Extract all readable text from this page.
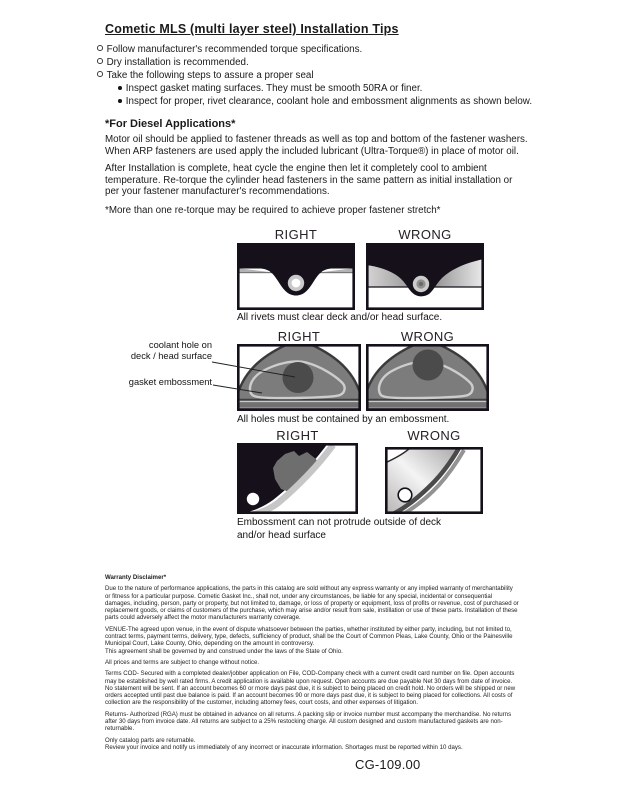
Cometic MLS (multi layer steel) Installation Tips
Follow manufacturer's recommended torque specifications.
Dry installation is recommended.
Take the following steps to assure a proper seal
Inspect gasket mating surfaces. They must be smooth 50RA or finer.
Inspect for proper, rivet clearance, coolant hole and embossment alignments as shown below.
*For Diesel Applications*
Motor oil should be applied to fastener threads as well as top and bottom of the fastener washers. When ARP fasteners are used apply the included lubricant (Ultra-Torque®) in place of motor oil.
After Installation is complete, heat cycle the engine then let it completely cool to ambient temperature. Re-torque the cylinder head fasteners in the same pattern as initial installation or per your fastener manufacturer's recommendations.
*More than one re-torque may be required to achieve proper fastener stretch*
RIGHT	WRONG
All rivets must clear deck and/or head surface.
coolant hole on
deck / head surface
gasket embossment
RIGHT	WRONG
All holes must be contained by an embossment.
RIGHT	WRONG
Embossment can not protrude outside of deck and/or head surface
Warranty Disclaimer*

Due to the nature of performance applications, the parts in this catalog are sold without any express warranty or any implied warranty of merchantability or fitness for a particular purpose. Cometic Gasket Inc., shall not, under any circumstances, be liable for any special, incidental or consequential damages, including, person, party or property, but not limited to, damage, or loss of property or equipment, loss of profits or revenue, cost of purchased or replacement goods, or claims of customers of the purchase, which may arise and/or result from sale, instillation or use of these parts. Installation of these parts could adversely affect the motor manufacturers warranty coverage.

VENUE-The agreed upon venue, in the event of dispute whatsoever between the parties, whether instituted by either party, including, but not limited to, contract terms, payment terms, delivery, type, defects, sufficiency of product, shall be the Court of Common Pleas, Lake County, Ohio or the Painesville Municipal Court, Lake County, Ohio, depending on the amount in controversy.

This agreement shall be governed by and construed under the laws of the State of Ohio.

All prices and terms are subject to change without notice.

Terms COD- Secured with a completed dealer/jobber application on File, COD-Company check with a current credit card number on file. Open accounts may be established by well rated firms. A credit application is available upon request. Open accounts are due payable Net 30 days from date of invoice. No statement will be sent. If an account becomes 60 or more days past due, it is subject to being placed on credit hold. No orders will be shipped or new orders accepted until past due balance is paid. If an account becomes 90 or more days past due, it is subject to being placed for collections. All costs of collection are the responsibility of the customer, including attorney fees, court costs, and other expenses of litigation.

Returns- Authorized (RGA) must be obtained in advance on all returns. A packing slip or invoice number must accompany the merchandise. No returns after 30 days from invoice date. All returns are subject to a 25% restocking charge. All custom designed and custom manufactured gaskets are non-returnable.

Only catalog parts are returnable.

Review your invoice and notify us immediately of any incorrect or inaccurate information. Shortages must be reported within 10 days.

CG-109.00
